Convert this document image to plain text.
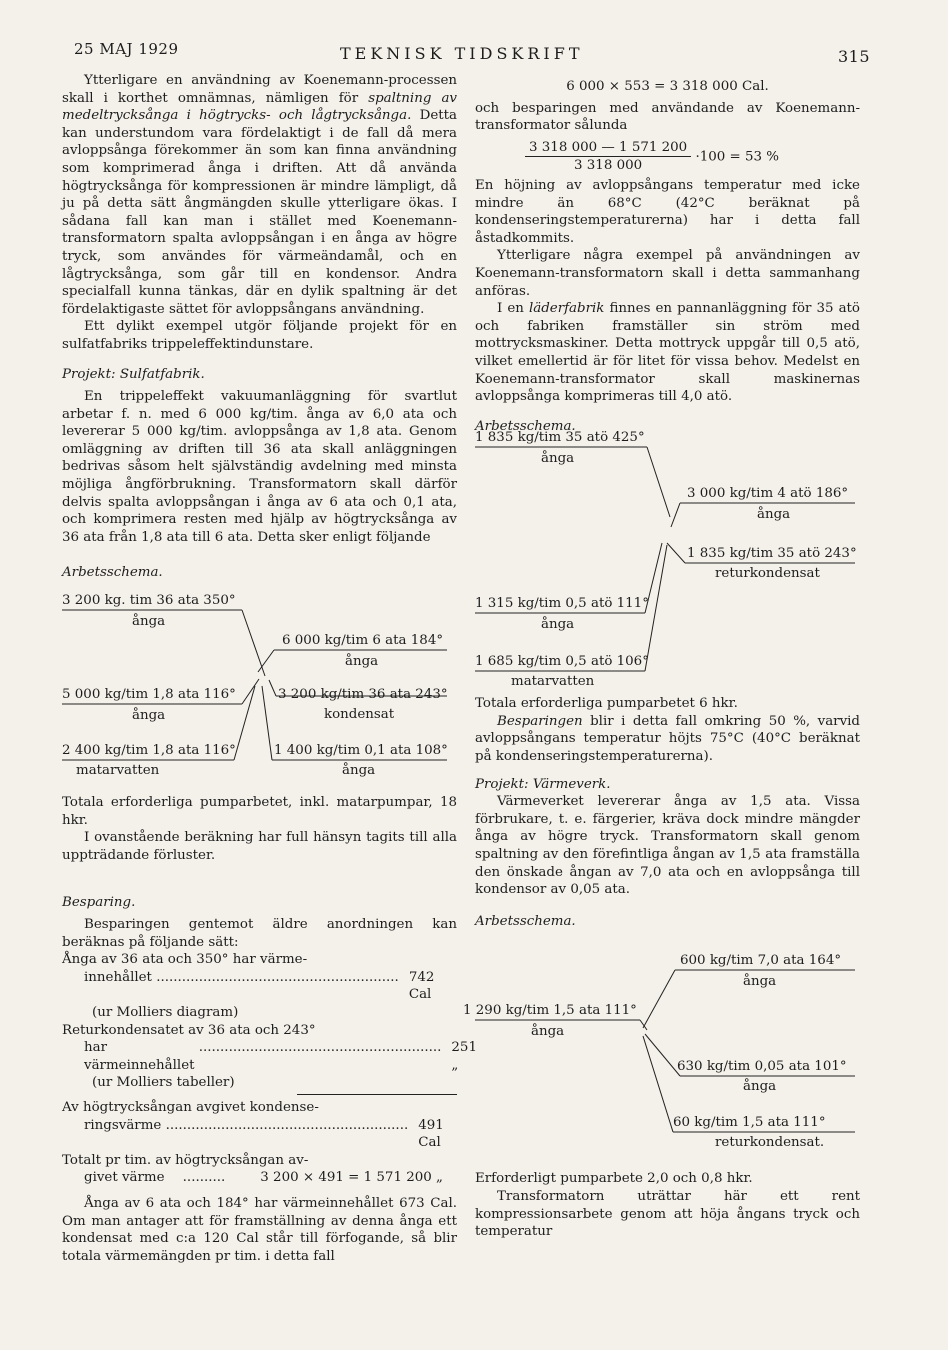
25 MAJ 1929	TEKNISK TIDSKRIFT	315

Ytterligare en användning av Koenemann-processen skall i korthet omnämnas, nämligen för spaltning av medeltrycksånga i högtrycks- och lågtrycksånga. Detta kan understundom vara fördelaktigt i de fall då mera avloppsånga förekommer än som kan finna användning som komprimerad ånga i driften. Att då använda högtrycksånga för kompressionen är mindre lämpligt, då ju på detta sätt ångmängden skulle ytterligare ökas. I sådana fall kan man i stället med Koenemann-transformatorn spalta avloppsångan i en ånga av högre tryck, som användes för värmeändamål, och en lågtrycksånga, som går till en kondensor. Andra specialfall kunna tänkas, där en dylik spaltning är det fördelaktigaste sättet för avloppsångans användning.

Ett dylikt exempel utgör följande projekt för en sulfatfabriks trippeleffektindunstare.

Projekt: Sulfatfabrik.

En trippeleffekt vakuumanläggning för svartlut arbetar f. n. med 6 000 kg/tim. ånga av 6,0 ata och levererar 5 000 kg/tim. avloppsånga av 1,8 ata. Genom omläggning av driften till 36 ata skall anläggningen bedrivas såsom helt självständig avdelning med minsta möjliga ångförbrukning. Transformatorn skall därför delvis spalta avloppsångan i ånga av 6 ata och 0,1 ata, och komprimera resten med hjälp av högtrycksånga av 36 ata från 1,8 ata till 6 ata. Detta sker enligt följande

Arbetsschema.

3 200 kg. tim 36 ata 350°
ånga
6 000 kg/tim 6 ata 184°
ånga
5 000 kg/tim 1,8 ata 116°
ånga
3 200 kg/tim 36 ata 243°
kondensat
2 400 kg/tim 1,8 ata 116°
matarvatten
1 400 kg/tim 0,1 ata 108°
ånga

Totala erforderliga pumparbetet, inkl. matarpumpar, 18 hkr.

I ovanstående beräkning har full hänsyn tagits till alla uppträdande förluster.

Besparing.

Besparingen gentemot äldre anordningen kan beräknas på följande sätt:

Ånga av 36 ata och 350° har värme-
innehållet ......................................................... 742 Cal
(ur Molliers diagram)
Returkondensatet av 36 ata och 243°
har värmeinnehållet
......................................................... 251 „
(ur Molliers tabeller)
Av högtrycksångan avgivet kondense-
ringsvärme ......................................................... 491 Cal
Totalt pr tim. av högtrycksångan av-
givet värme ..........	3 200 × 491 = 1 571 200 „

Ånga av 6 ata och 184° har värmeinnehållet 673 Cal. Om man antager att för framställning av denna ånga ett kondensat med c:a 120 Cal står till förfogande, så blir totala värmemängden pr tim. i detta fall

6 000 × 553 = 3 318 000 Cal.

och besparingen med användande av Koenemann-transformator sålunda

$\frac{3 318 000 — 1 571 200}{3 318 000} \cdot 100 = 53$ %

En höjning av avloppsångans temperatur med icke mindre än 68°C (42°C beräknat på kondenseringstemperaturerna) har i detta fall åstadkommits.

Ytterligare några exempel på användningen av Koenemann-transformatorn skall i detta sammanhang anföras.

I en läderfabrik finnes en pannanläggning för 35 atö och fabriken framställer sin ström med mottrycksmaskiner. Detta mottryck uppgår till 0,5 atö, vilket emellertid är för litet för vissa behov. Medelst en Koenemann-transformator skall maskinernas avloppsånga komprimeras till 4,0 atö.

Arbetsschema.

1 835 kg/tim 35 atö 425°
ånga
3 000 kg/tim 4 atö 186°
ånga
1 835 kg/tim 35 atö 243°
returkondensat
1 315 kg/tim 0,5 atö 111°
ånga
1 685 kg/tim 0,5 atö 106°
matarvatten

Totala erforderliga pumparbetet 6 hkr.

Besparingen blir i detta fall omkring 50 %, varvid avloppsångans temperatur höjts 75°C (40°C beräknat på kondenseringstemperaturerna).

Projekt: Värmeverk.

Värmeverket levererar ånga av 1,5 ata. Vissa förbrukare, t. e. färgerier, kräva dock mindre mängder ånga av högre tryck. Transformatorn skall genom spaltning av den förefintliga ångan av 1,5 ata framställa den önskade ångan av 7,0 ata och en avloppsånga till kondensor av 0,05 ata.

Arbetsschema.

600 kg/tim 7,0 ata 164°
ånga
1 290 kg/tim 1,5 ata 111°
ånga
630 kg/tim 0,05 ata 101°
ånga
60 kg/tim 1,5 ata 111°
returkondensat.

Erforderligt pumparbete 2,0 och 0,8 hkr.

Transformatorn uträttar här ett rent kompressionsarbete genom att höja ångans tryck och temperatur
